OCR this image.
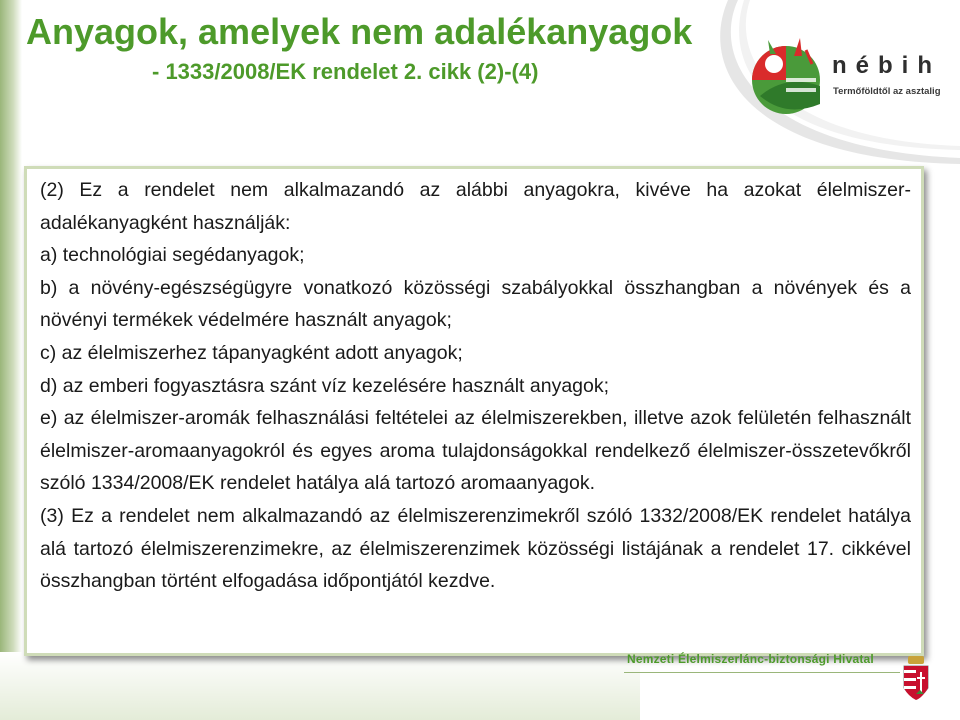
Anyagok, amelyek nem adalékanyagok
- 1333/2008/EK rendelet 2. cikk (2)-(4)	nébih
Termőföldtől az asztalig

(2) Ez a rendelet nem alkalmazandó az alábbi anyagokra, kivéve ha azokat élelmiszer-adalékanyagként használják:

a) technológiai segédanyagok;

b) a növény-egészségügyre vonatkozó közösségi szabályokkal összhangban a növények és a növényi termékek védelmére használt anyagok;

c) az élelmiszerhez tápanyagként adott anyagok;

d) az emberi fogyasztásra szánt víz kezelésére használt anyagok;

e) az élelmiszer-aromák felhasználási feltételei az élelmiszerekben, illetve azok felületén felhasznált élelmiszer-aromaanyagokról és egyes aroma tulajdonságokkal rendelkező élelmiszer-összetevőkről szóló 1334/2008/EK rendelet hatálya alá tartozó aromaanyagok.

(3) Ez a rendelet nem alkalmazandó az élelmiszerenzimekről szóló 1332/2008/EK rendelet hatálya alá tartozó élelmiszerenzimekre, az élelmiszerenzimek közösségi listájának a rendelet 17. cikkével összhangban történt elfogadása időpontjától kezdve.

Nemzeti Élelmiszerlánc-biztonsági Hivatal
